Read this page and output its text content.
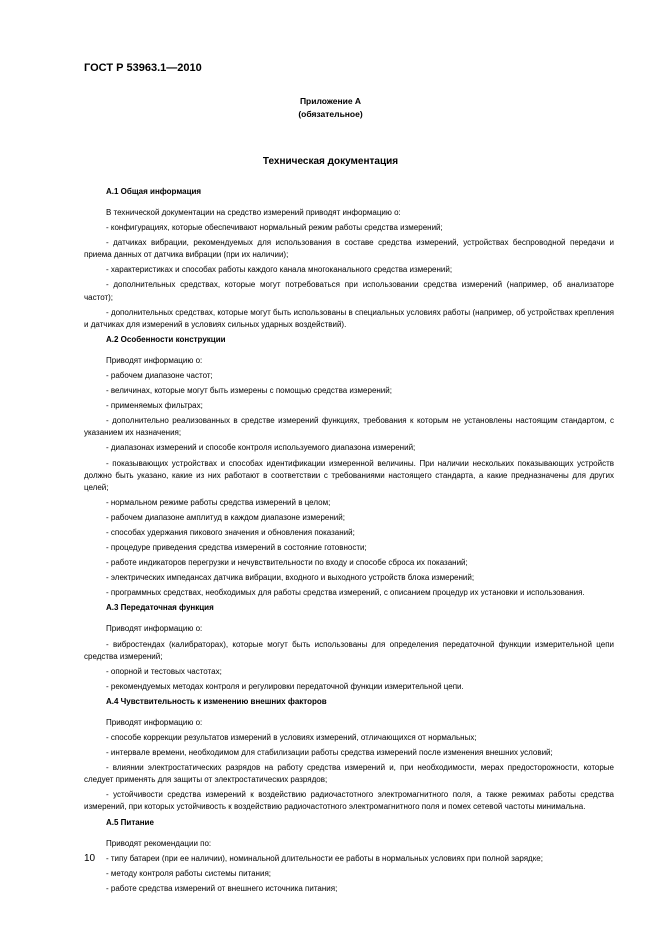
ГОСТ Р 53963.1—2010
Приложение А
(обязательное)
Техническая документация
А.1 Общая информация
В технической документации на средство измерений приводят информацию о:
- конфигурациях, которые обеспечивают нормальный режим работы средства измерений;
- датчиках вибрации, рекомендуемых для использования в составе средства измерений, устройствах беспроводной передачи и приема данных от датчика вибрации (при их наличии);
- характеристиках и способах работы каждого канала многоканального средства измерений;
- дополнительных средствах, которые могут потребоваться при использовании средства измерений (например, об анализаторе частот);
- дополнительных средствах, которые могут быть использованы в специальных условиях работы (например, об устройствах крепления и датчиках для измерений в условиях сильных ударных воздействий).
А.2 Особенности конструкции
Приводят информацию о:
- рабочем диапазоне частот;
- величинах, которые могут быть измерены с помощью средства измерений;
- применяемых фильтрах;
- дополнительно реализованных в средстве измерений функциях, требования к которым не установлены настоящим стандартом, с указанием их назначения;
- диапазонах измерений и способе контроля используемого диапазона измерений;
- показывающих устройствах и способах идентификации измеренной величины. При наличии нескольких показывающих устройств должно быть указано, какие из них работают в соответствии с требованиями настоящего стандарта, а какие предназначены для других целей;
- нормальном режиме работы средства измерений в целом;
- рабочем диапазоне амплитуд в каждом диапазоне измерений;
- способах удержания пикового значения и обновления показаний;
- процедуре приведения средства измерений в состояние готовности;
- работе индикаторов перегрузки и нечувствительности по входу и способе сброса их показаний;
- электрических импедансах датчика вибрации, входного и выходного устройств блока измерений;
- программных средствах, необходимых для работы средства измерений, с описанием процедур их установки и использования.
А.3 Передаточная функция
Приводят информацию о:
- вибростендах (калибраторах), которые могут быть использованы для определения передаточной функции измерительной цепи средства измерений;
- опорной и тестовых частотах;
- рекомендуемых методах контроля и регулировки передаточной функции измерительной цепи.
А.4 Чувствительность к изменению внешних факторов
Приводят информацию о:
- способе коррекции результатов измерений в условиях измерений, отличающихся от нормальных;
- интервале времени, необходимом для стабилизации работы средства измерений после изменения внешних условий;
- влиянии электростатических разрядов на работу средства измерений и, при необходимости, мерах предосторожности, которые следует применять для защиты от электростатических разрядов;
- устойчивости средства измерений к воздействию радиочастотного электромагнитного поля, а также режимах работы средства измерений, при которых устойчивость к воздействию радиочастотного электромагнитного поля и помех сетевой частоты минимальна.
А.5 Питание
Приводят рекомендации по:
- типу батареи (при ее наличии), номинальной длительности ее работы в нормальных условиях при полной зарядке;
- методу контроля работы системы питания;
- работе средства измерений от внешнего источника питания;
10
